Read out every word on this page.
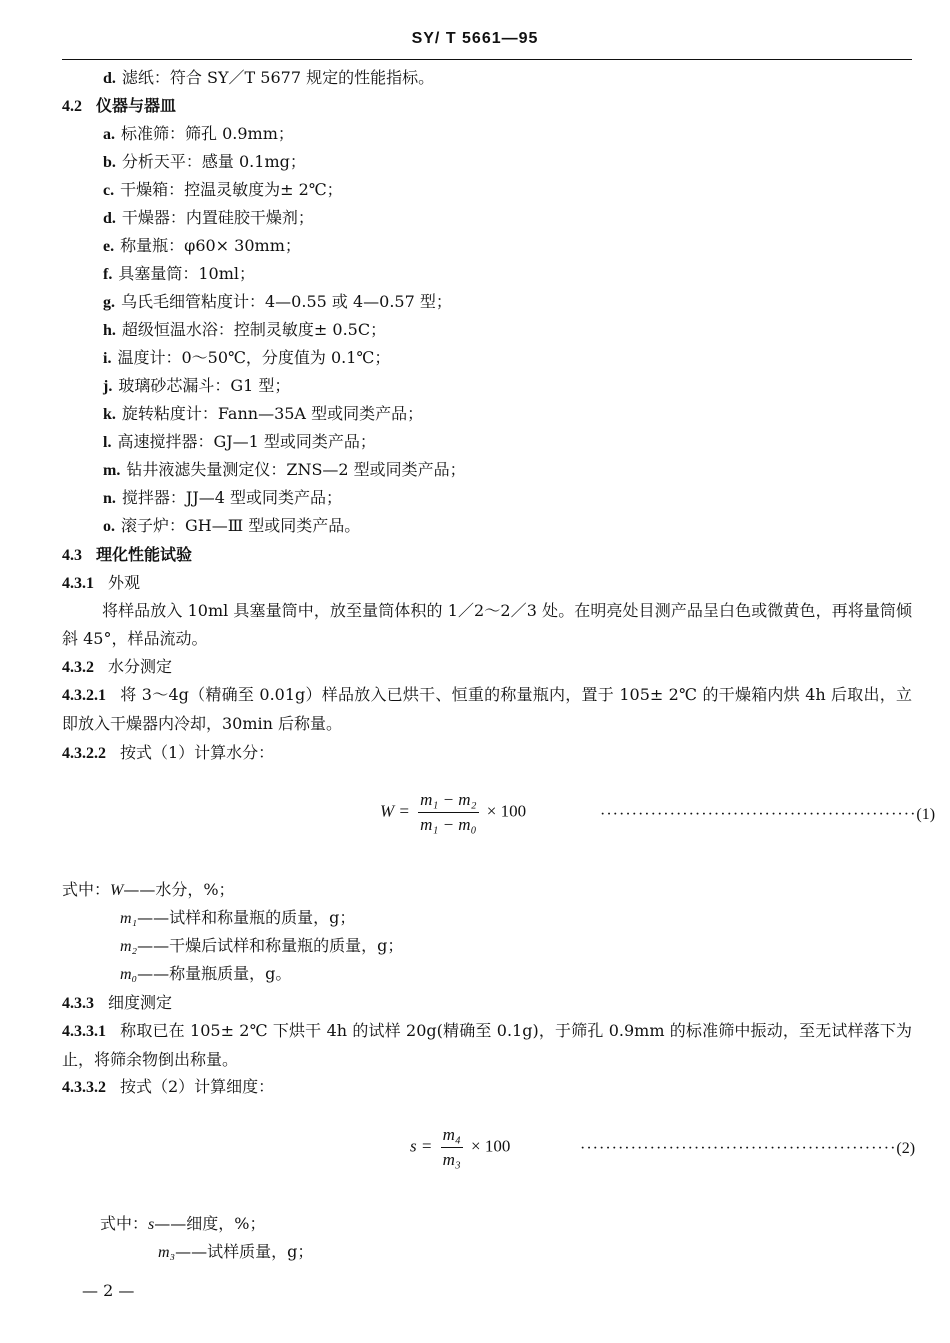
SY/ T 5661—95
d. 滤纸：符合 SY／T 5677 规定的性能指标。
4.2 仪器与器皿
a. 标准筛：筛孔 0.9mm；
b. 分析天平：感量 0.1mg；
c. 干燥箱：控温灵敏度为± 2℃；
d. 干燥器：内置硅胶干燥剂；
e. 称量瓶：φ60× 30mm；
f. 具塞量筒：10ml；
g. 乌氏毛细管粘度计：4—0.55 或 4—0.57 型；
h. 超级恒温水浴：控制灵敏度± 0.5C；
i. 温度计：0～50℃，分度值为 0.1℃；
j. 玻璃砂芯漏斗：G1 型；
k. 旋转粘度计：Fann—35A 型或同类产品；
l. 高速搅拌器：GJ—1 型或同类产品；
m. 钻井液滤失量测定仪：ZNS—2 型或同类产品；
n. 搅拌器：JJ—4 型或同类产品；
o. 滚子炉：GH—Ⅲ 型或同类产品。
4.3 理化性能试验
4.3.1 外观
将样品放入 10ml 具塞量筒中，放至量筒体积的 1／2～2／3 处。在明亮处目测产品呈白色或微黄色，再将量筒倾斜 45°，样品流动。
4.3.2 水分测定
4.3.2.1 将 3～4g（精确至 0.01g）样品放入已烘干、恒重的称量瓶内，置于 105± 2℃ 的干燥箱内烘 4h 后取出，立即放入干燥器内冷却，30min 后称量。
4.3.2.2 按式（1）计算水分：
$W = \frac{\text{m₁ − m₂}}{\text{m₁ − m₀}} \times 100$	··················································(1)
式中：W——水分，%；
m₁——试样和称量瓶的质量，g；
m₂——干燥后试样和称量瓶的质量，g；
m₀——称量瓶质量，g。
4.3.3 细度测定
4.3.3.1 称取已在 105± 2℃ 下烘干 4h 的试样 20g(精确至 0.1g)，于筛孔 0.9mm 的标准筛中振动，至无试样落下为止，将筛余物倒出称量。
4.3.3.2 按式（2）计算细度：
$s = \frac{\text{m₄}}{\text{m₃}} \times 100$	··················································(2)
式中：s——细度，%；
m₃——试样质量，g；
— 2 —
